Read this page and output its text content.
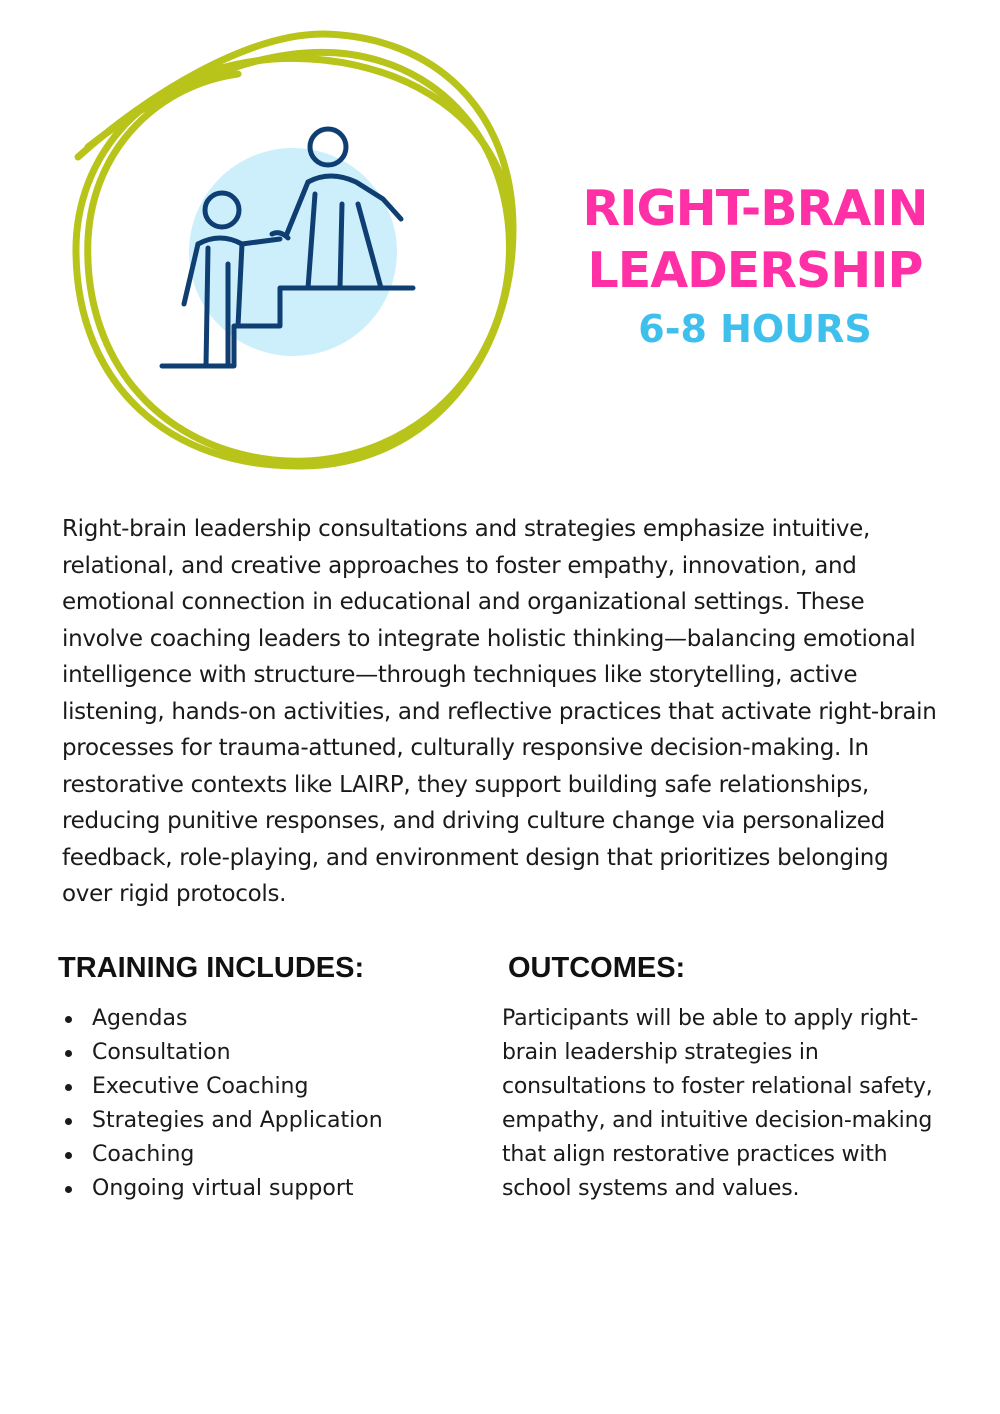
RIGHT-BRAIN
LEADERSHIP
6-8 HOURS

Right-brain leadership consultations and strategies emphasize intuitive, relational, and creative approaches to foster empathy, innovation, and emotional connection in educational and organizational settings. These involve coaching leaders to integrate holistic thinking—balancing emotional intelligence with structure—through techniques like storytelling, active listening, hands-on activities, and reflective practices that activate right-brain processes for trauma-attuned, culturally responsive decision-making. In restorative contexts like LAIRP, they support building safe relationships, reducing punitive responses, and driving culture change via personalized feedback, role-playing, and environment design that prioritizes belonging over rigid protocols.

TRAINING INCLUDES:	OUTCOMES:
Agendas
Consultation
Executive Coaching
Strategies and Application
Coaching
Ongoing virtual support

Participants will be able to apply right-brain leadership strategies in consultations to foster relational safety, empathy, and intuitive decision-making that align restorative practices with school systems and values.
